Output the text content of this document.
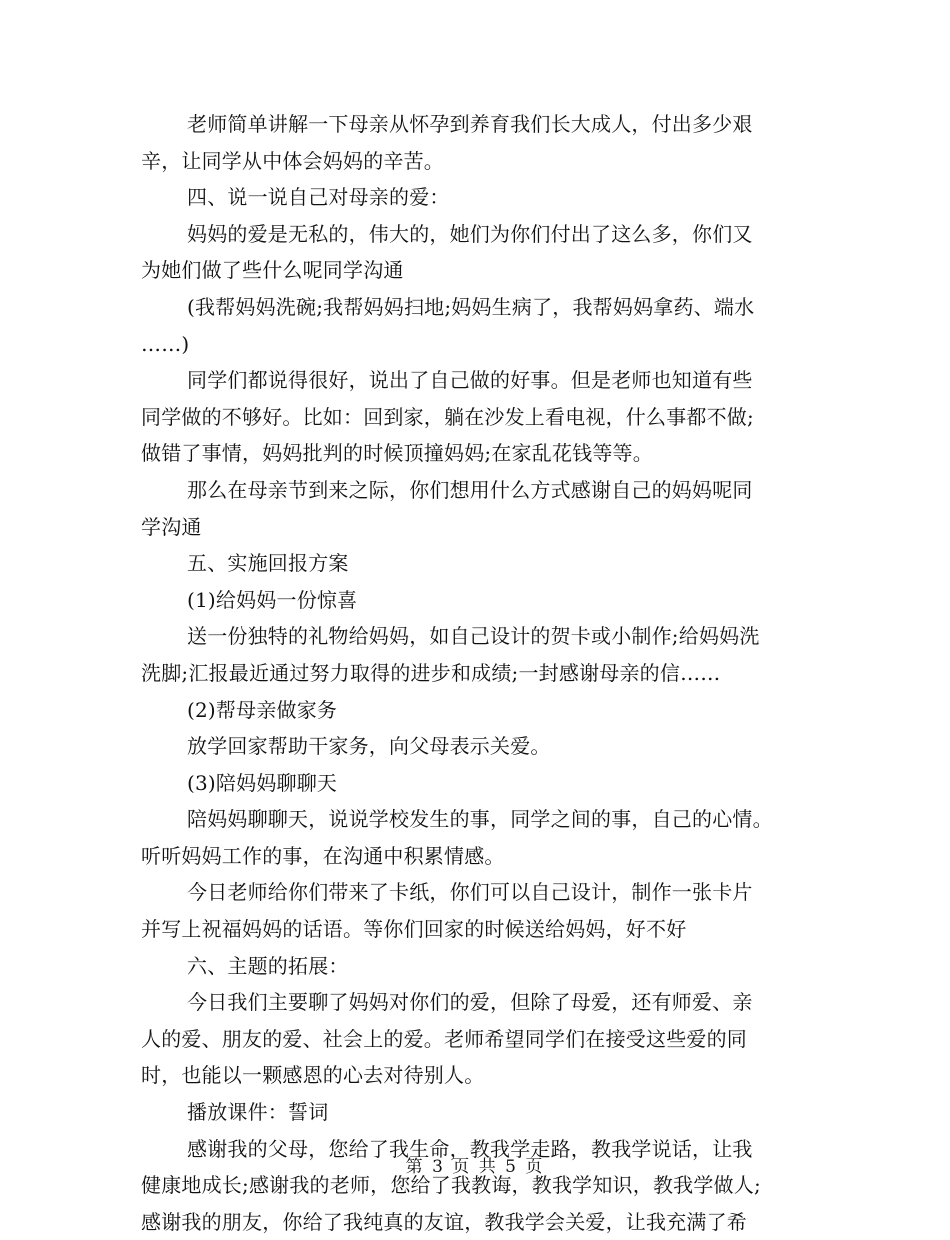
老师简单讲解一下母亲从怀孕到养育我们长大成人，付出多少艰
辛，让同学从中体会妈妈的辛苦。
四、说一说自己对母亲的爱：
妈妈的爱是无私的，伟大的，她们为你们付出了这么多，你们又
为她们做了些什么呢同学沟通
(我帮妈妈洗碗;我帮妈妈扫地;妈妈生病了，我帮妈妈拿药、端水
……)
同学们都说得很好，说出了自己做的好事。但是老师也知道有些
同学做的不够好。比如：回到家，躺在沙发上看电视，什么事都不做;
做错了事情，妈妈批判的时候顶撞妈妈;在家乱花钱等等。
那么在母亲节到来之际，你们想用什么方式感谢自己的妈妈呢同
学沟通
五、实施回报方案
(1)给妈妈一份惊喜
送一份独特的礼物给妈妈，如自己设计的贺卡或小制作;给妈妈洗
洗脚;汇报最近通过努力取得的进步和成绩;一封感谢母亲的信……
(2)帮母亲做家务
放学回家帮助干家务，向父母表示关爱。
(3)陪妈妈聊聊天
陪妈妈聊聊天，说说学校发生的事，同学之间的事，自己的心情。
听听妈妈工作的事，在沟通中积累情感。
今日老师给你们带来了卡纸，你们可以自己设计，制作一张卡片
并写上祝福妈妈的话语。等你们回家的时候送给妈妈，好不好
六、主题的拓展：
今日我们主要聊了妈妈对你们的爱，但除了母爱，还有师爱、亲
人的爱、朋友的爱、社会上的爱。老师希望同学们在接受这些爱的同
时，也能以一颗感恩的心去对待别人。
播放课件：誓词
感谢我的父母，您给了我生命，教我学走路，教我学说话，让我
健康地成长;感谢我的老师，您给了我教诲，教我学知识，教我学做人;
感谢我的朋友，你给了我纯真的友谊，教我学会关爱，让我充满了希
第 3 页 共 5 页
